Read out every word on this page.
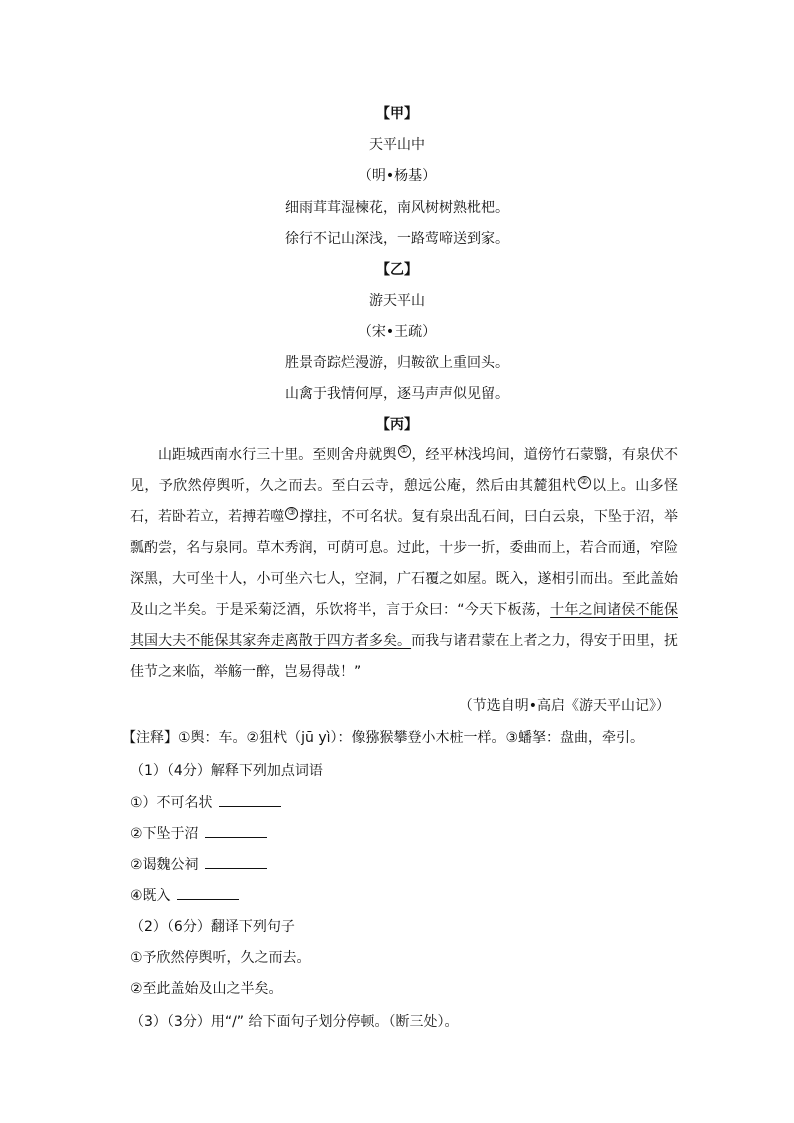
【甲】
天平山中
（明•杨基）
细雨茸茸湿楝花，南风树树熟枇杷。
徐行不记山深浅，一路莺啼送到家。
【乙】
游天平山
（宋•王疏）
胜景奇踪烂漫游，归鞍欲上重回头。
山禽于我情何厚，逐马声声似见留。
【丙】

山距城西南水行三十里。至则舍舟就舆 ① ，经平林浅坞间，道傍竹石蒙翳，有泉伏不见，予欣然停舆听，久之而去。至白云寺，憩远公庵，然后由其麓狙杙 ② 以上。山多怪石，若卧若立，若搏若噬 ③ 撑拄，不可名状。复有泉出乱石间，曰白云泉，下坠于沼，举瓢酌尝，名与泉同。草木秀润，可荫可息。过此，十步一折，委曲而上，若合而通，窄险深黑，大可坐十人，小可坐六七人，空洞，广石覆之如屋。既入，遂相引而出。至此盖始及山之半矣。于是采菊泛酒，乐饮将半，言于众曰：“今天下板荡，十年之间诸侯不能保其国大夫不能保其家奔走离散于四方者多矣。而我与诸君蒙在上者之力，得安于田里，抚佳节之来临，举觞一醉，岂易得哉！”

（节选自明•高启《游天平山记》）
【注释】①舆：车。②狙杙（jū yì）：像猕猴攀登小木桩一样。③蟠拏：盘曲，牵引。
（1）（4分）解释下列加点词语
①）不可名状
②下坠于沼
②谒魏公祠
④既入
（2）（6分）翻译下列句子
①予欣然停舆听，久之而去。
②至此盖始及山之半矣。
（3）（3分）用“/” 给下面句子划分停顿。（断三处）。
